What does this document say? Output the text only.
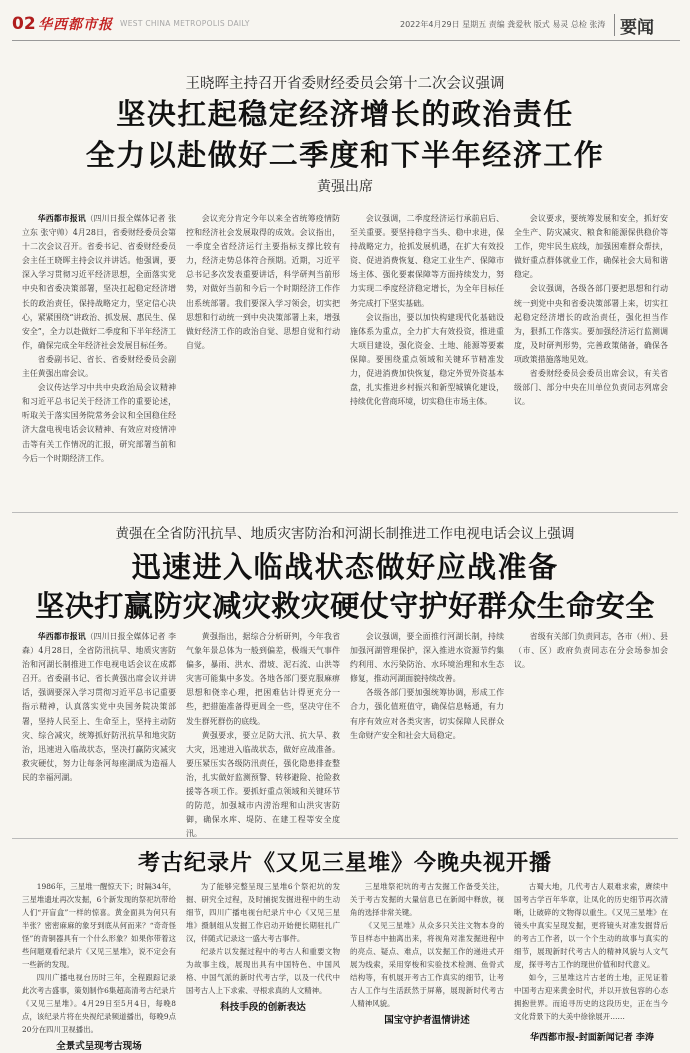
02 华西都市报 WEST CHINA METROPOLIS DAILY	2022年4月29日 星期五 责编 龚爱秋 版式 易灵 总检 张涛 要闻
王晓晖主持召开省委财经委员会第十二次会议强调
坚决扛起稳定经济增长的政治责任
全力以赴做好二季度和下半年经济工作
黄强出席

华西都市报讯（四川日报全媒体记者 张立东 张守帅）4月28日，省委财经委员会第十二次会议召开。省委书记、省委财经委员会主任王晓晖主持会议并讲话。他强调，要深入学习贯彻习近平经济思想，全面落实党中央和省委决策部署，坚决扛起稳定经济增长的政治责任，保持战略定力，坚定信心决心，紧紧围绕“讲政治、抓发展、惠民生、保安全”，全力以赴做好二季度和下半年经济工作，确保完成全年经济社会发展目标任务。

省委副书记、省长、省委财经委员会副主任黄强出席会议。

会议传达学习中共中央政治局会议精神和习近平总书记关于经济工作的重要论述，听取关于落实国务院常务会议和全国稳住经济大盘电视电话会议精神、有效应对疫情冲击等有关工作情况的汇报，研究部署当前和今后一个时期经济工作。

会议充分肯定今年以来全省统筹疫情防控和经济社会发展取得的成效。会议指出，一季度全省经济运行主要指标支撑比较有力，经济走势总体符合预期。近期，习近平总书记多次发表重要讲话，科学研判当前形势，对做好当前和今后一个时期经济工作作出系统部署。我们要深入学习领会，切实把思想和行动统一到中央决策部署上来，增强做好经济工作的政治自觉、思想自觉和行动自觉。

会议强调，二季度经济运行承前启后、至关重要。要坚持稳字当头、稳中求进，保持战略定力，抢抓发展机遇，在扩大有效投资、促进消费恢复、稳定工业生产、保障市场主体、强化要素保障等方面持续发力，努力实现二季度经济稳定增长，为全年目标任务完成打下坚实基础。

会议指出，要以加快构建现代化基础设施体系为重点，全力扩大有效投资，推进重大项目建设，强化资金、土地、能源等要素保障。要围绕重点领域和关键环节精准发力，促进消费加快恢复，稳定外贸外资基本盘，扎实推进乡村振兴和新型城镇化建设，持续优化营商环境，切实稳住市场主体。

会议要求，要统筹发展和安全，抓好安全生产、防灾减灾、粮食和能源保供稳价等工作，兜牢民生底线，加强困难群众帮扶，做好重点群体就业工作，确保社会大局和谐稳定。

会议强调，各级各部门要把思想和行动统一到党中央和省委决策部署上来，切实扛起稳定经济增长的政治责任，强化担当作为，狠抓工作落实。要加强经济运行监测调度，及时研判形势，完善政策储备，确保各项政策措施落地见效。

省委财经委员会委员出席会议，有关省级部门、部分中央在川单位负责同志列席会议。

黄强在全省防汛抗旱、地质灾害防治和河湖长制推进工作电视电话会议上强调
迅速进入临战状态做好应战准备
坚决打赢防灾减灾救灾硬仗守护好群众生命安全

华西都市报讯（四川日报全媒体记者 李森）4月28日，全省防汛抗旱、地质灾害防治和河湖长制推进工作电视电话会议在成都召开。省委副书记、省长黄强出席会议并讲话，强调要深入学习贯彻习近平总书记重要指示精神，认真落实党中央国务院决策部署，坚持人民至上、生命至上，坚持主动防灾、综合减灾，统筹抓好防汛抗旱和地灾防治，迅速进入临战状态，坚决打赢防灾减灾救灾硬仗，努力让每条河每座湖成为造福人民的幸福河湖。

黄强指出，据综合分析研判，今年我省气象年景总体为一般到偏差，极端天气事件偏多，暴雨、洪水、滑坡、泥石流、山洪等灾害可能集中多发。各地各部门要克服麻痹思想和侥幸心理，把困难估计得更充分一些，把措施准备得更周全一些，坚决守住不发生群死群伤的底线。

黄强要求，要立足防大汛、抗大旱、救大灾，迅速进入临战状态，做好应战准备。要压紧压实各级防汛责任，强化隐患排查整治，扎实做好监测预警、转移避险、抢险救援等各项工作。要抓好重点领域和关键环节的防范，加强城市内涝治理和山洪灾害防御，确保水库、堤防、在建工程等安全度汛。

会议强调，要全面推行河湖长制，持续加强河湖管理保护，深入推进水资源节约集约利用、水污染防治、水环境治理和水生态修复，推动河湖面貌持续改善。

各级各部门要加强统筹协调，形成工作合力，强化值班值守，确保信息畅通，有力有序有效应对各类灾害，切实保障人民群众生命财产安全和社会大局稳定。

省级有关部门负责同志，各市（州）、县（市、区）政府负责同志在分会场参加会议。

考古纪录片《又见三星堆》今晚央视开播

1986年，三星堆一醒惊天下；时隔34年，三星堆遗址再次发掘，6个新发现的祭祀坑带给人们“开盲盒”一样的惊喜。黄金面具为何只有半张？密密麻麻的象牙到底从何而来？“奇奇怪怪”的青铜器具有一个什么形象？如果你带着这些问题观看纪录片《又见三星堆》，说不定会有一些新的发现。

四川广播电视台历时三年，全程跟踪记录此次考古盛事，策划制作6集超高清考古纪录片《又见三星堆》。4月29日至5月4日，每晚8点，该纪录片将在央视纪录频道播出，每晚9点20分在四川卫视播出。

全景式呈现考古现场

为了能够完整呈现三星堆6个祭祀坑的发掘、研究全过程，及时捕捉发掘进程中的生动细节，四川广播电视台纪录片中心《又见三星堆》摄制组从发掘工作启动开始便长期驻扎广汉，伴随式记录这一盛大考古事件。

纪录片以发掘过程中的考古人和重要文物为故事主线，展现出具有中国特色、中国风格、中国气派的新时代考古学，以及一代代中国考古人上下求索、寻根求真的人文精神。

科技手段的创新表达

三星堆祭祀坑的考古发掘工作备受关注，关于考古发掘的大量信息已在新闻中释放，视角的选择非常关键。

《又见三星堆》从众多只关注文物本身的节目样态中抽离出来，将视角对准发掘进程中的亮点、疑点、难点，以发掘工作的递进式开展为线索，采用穿梭和实验技术检测、鱼骨式结构等，有机展开考古工作真实的细节，让考古人工作与生活跃然于屏幕，展现新时代考古人精神风貌。

国宝守护者温情讲述

古蜀大地，几代考古人艰难求索，赓续中国考古学百年华章，让凤化的历史细节再次清晰，让破碎的文物得以重生。《又见三星堆》在镜头中真实呈现发掘，更将镜头对准发掘背后的考古工作者，以一个个生动的故事与真实的细节，展现新时代考古人的精神风貌与人文气度，探寻考古工作的现世价值和时代意义。

如今，三星堆这片古老的土地，正见证着中国考古迎来黄金时代，并以开放包容的心态拥抱世界。而追寻历史的这段历史，正在当今文化背景下的大美中徐徐展开……

华西都市报-封面新闻记者 李涛
